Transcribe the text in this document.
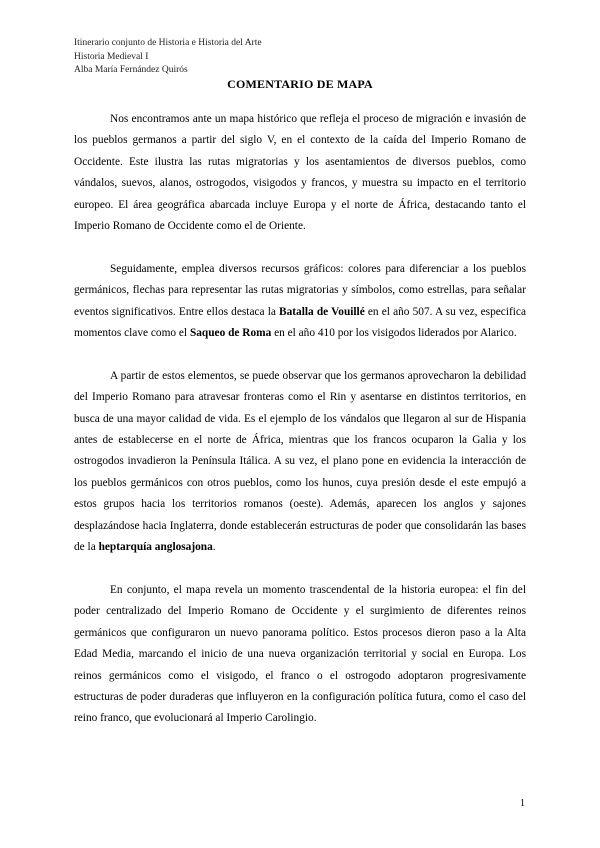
Itinerario conjunto de Historia e Historia del Arte
Historia Medieval I
Alba María Fernández Quirós
COMENTARIO DE MAPA

Nos encontramos ante un mapa histórico que refleja el proceso de migración e invasión de los pueblos germanos a partir del siglo V, en el contexto de la caída del Imperio Romano de Occidente. Este ilustra las rutas migratorias y los asentamientos de diversos pueblos, como vándalos, suevos, alanos, ostrogodos, visigodos y francos, y muestra su impacto en el territorio europeo. El área geográfica abarcada incluye Europa y el norte de África, destacando tanto el Imperio Romano de Occidente como el de Oriente.

Seguidamente, emplea diversos recursos gráficos: colores para diferenciar a los pueblos germánicos, flechas para representar las rutas migratorias y símbolos, como estrellas, para señalar eventos significativos. Entre ellos destaca la Batalla de Vouillé en el año 507. A su vez, especifica momentos clave como el Saqueo de Roma en el año 410 por los visigodos liderados por Alarico.

A partir de estos elementos, se puede observar que los germanos aprovecharon la debilidad del Imperio Romano para atravesar fronteras como el Rin y asentarse en distintos territorios, en busca de una mayor calidad de vida. Es el ejemplo de los vándalos que llegaron al sur de Hispania antes de establecerse en el norte de África, mientras que los francos ocuparon la Galia y los ostrogodos invadieron la Península Itálica. A su vez, el plano pone en evidencia la interacción de los pueblos germánicos con otros pueblos, como los hunos, cuya presión desde el este empujó a estos grupos hacia los territorios romanos (oeste). Además, aparecen los anglos y sajones desplazándose hacia Inglaterra, donde establecerán estructuras de poder que consolidarán las bases de la heptarquía anglosajona.

En conjunto, el mapa revela un momento trascendental de la historia europea: el fin del poder centralizado del Imperio Romano de Occidente y el surgimiento de diferentes reinos germánicos que configuraron un nuevo panorama político. Estos procesos dieron paso a la Alta Edad Media, marcando el inicio de una nueva organización territorial y social en Europa. Los reinos germánicos como el visigodo, el franco o el ostrogodo adoptaron progresivamente estructuras de poder duraderas que influyeron en la configuración política futura, como el caso del reino franco, que evolucionará al Imperio Carolingio.

1
